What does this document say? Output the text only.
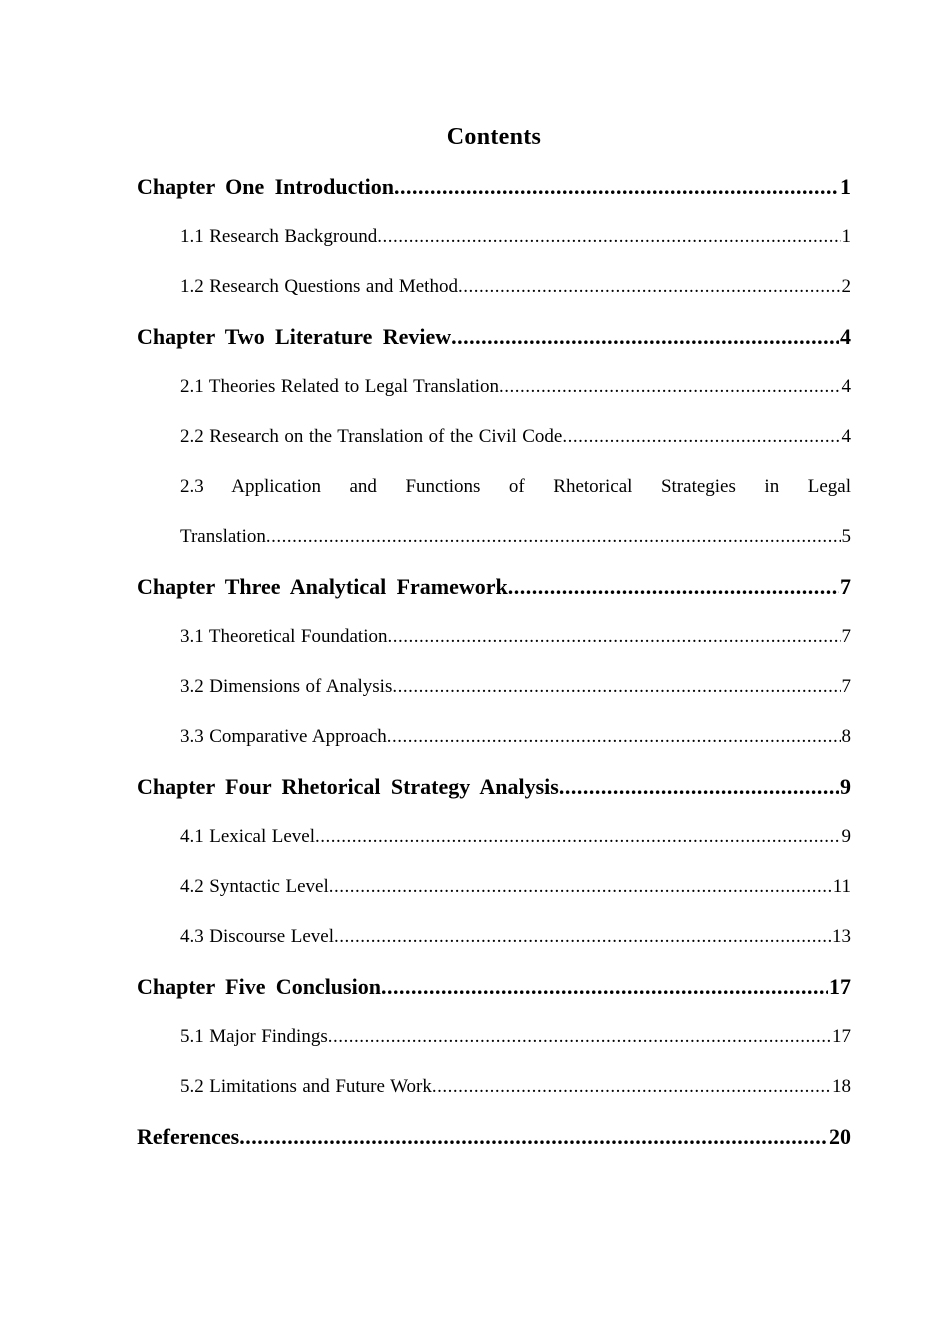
Contents
Chapter One Introduction .....	1
1.1 Research Background .....	1
1.2 Research Questions and Method .....	2
Chapter Two Literature Review .....	4
2.1 Theories Related to Legal Translation .....	4
2.2 Research on the Translation of the Civil Code .....	4
2.3 Application and Functions of Rhetorical Strategies in Legal
Translation .....	5
Chapter Three Analytical Framework .....	7
3.1 Theoretical Foundation .....	7
3.2 Dimensions of Analysis .....	7
3.3 Comparative Approach .....	8
Chapter Four Rhetorical Strategy Analysis .....	9
4.1 Lexical Level .....	9
4.2 Syntactic Level .....	11
4.3 Discourse Level .....	13
Chapter Five Conclusion .....	17
5.1 Major Findings .....	17
5.2 Limitations and Future Work .....	18
References .....	20
